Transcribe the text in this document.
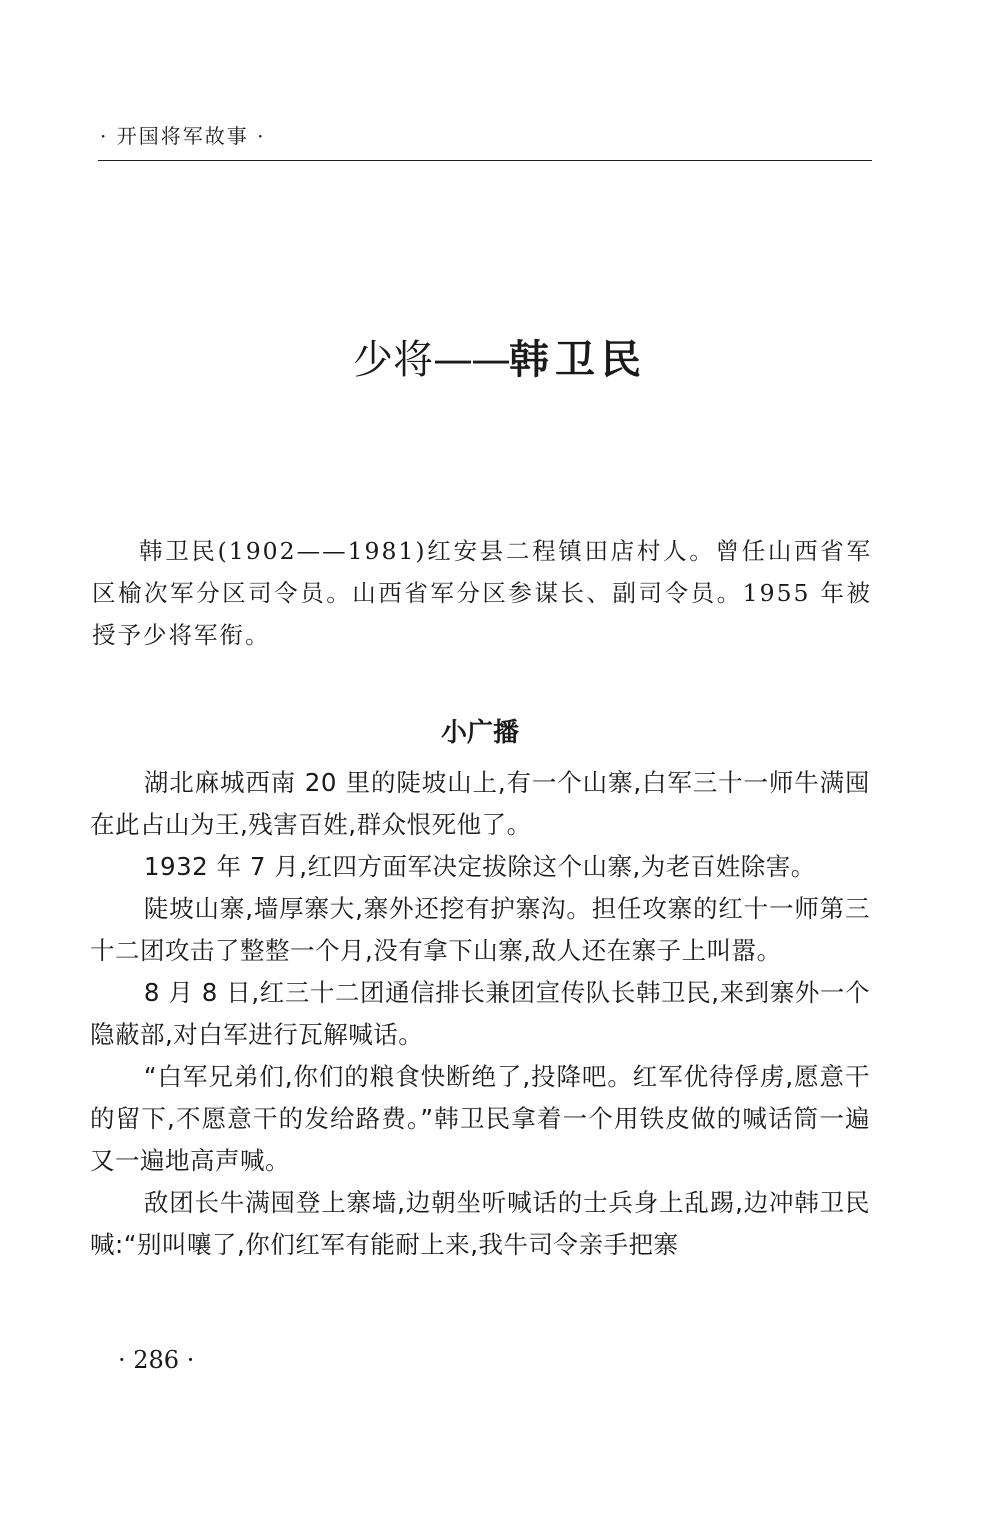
· 开国将军故事 ·
少将——韩卫民

韩卫民(1902——1981)红安县二程镇田店村人。曾任山西省军区榆次军分区司令员。山西省军分区参谋长、副司令员。1955 年被授予少将军衔。

小广播

湖北麻城西南 20 里的陡坡山上,有一个山寨,白军三十一师牛满囤在此占山为王,残害百姓,群众恨死他了。

1932 年 7 月,红四方面军决定拔除这个山寨,为老百姓除害。

陡坡山寨,墙厚寨大,寨外还挖有护寨沟。担任攻寨的红十一师第三十二团攻击了整整一个月,没有拿下山寨,敌人还在寨子上叫嚣。

8 月 8 日,红三十二团通信排长兼团宣传队长韩卫民,来到寨外一个隐蔽部,对白军进行瓦解喊话。

“白军兄弟们,你们的粮食快断绝了,投降吧。红军优待俘虏,愿意干的留下,不愿意干的发给路费。”韩卫民拿着一个用铁皮做的喊话筒一遍又一遍地高声喊。

敌团长牛满囤登上寨墙,边朝坐听喊话的士兵身上乱踢,边冲韩卫民喊:“别叫嚷了,你们红军有能耐上来,我牛司令亲手把寨

· 286 ·
